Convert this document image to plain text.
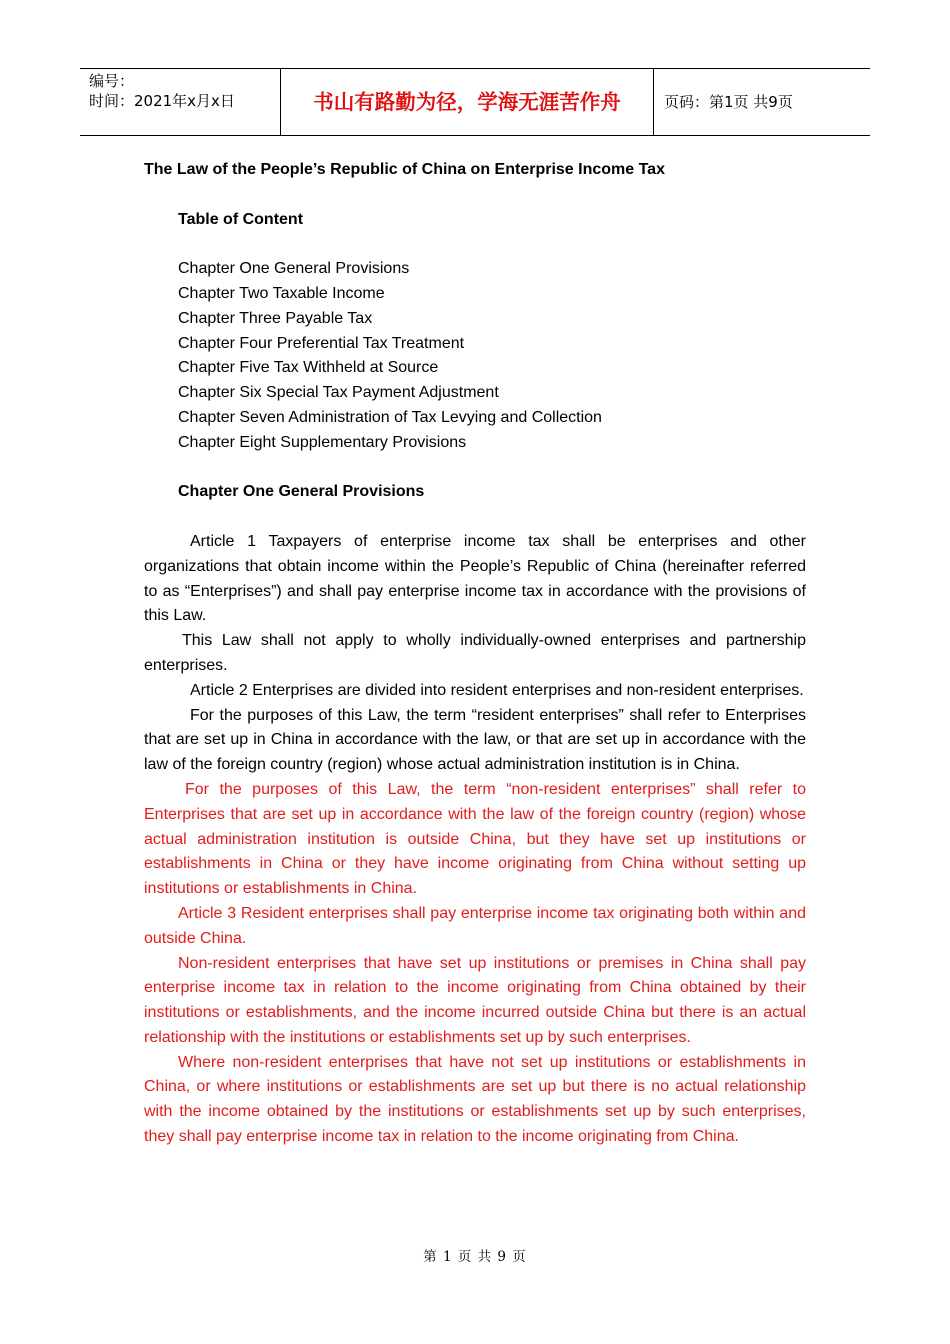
编号：
时间：2021年x月x日	书山有路勤为径，学海无涯苦作舟	页码：第1页 共9页

The Law of the People’s Republic of China on Enterprise Income Tax

Table of Content

Chapter One General Provisions
Chapter Two Taxable Income
Chapter Three Payable Tax
Chapter Four Preferential Tax Treatment
Chapter Five Tax Withheld at Source
Chapter Six Special Tax Payment Adjustment
Chapter Seven Administration of Tax Levying and Collection
Chapter Eight Supplementary Provisions

Chapter One General Provisions

Article 1 Taxpayers of enterprise income tax shall be enterprises and other organizations that obtain income within the People’s Republic of China (hereinafter referred to as “Enterprises”) and shall pay enterprise income tax in accordance with the provisions of this Law.

This Law shall not apply to wholly individually-owned enterprises and partnership enterprises.

Article 2 Enterprises are divided into resident enterprises and non-resident enterprises.

For the purposes of this Law, the term “resident enterprises” shall refer to Enterprises that are set up in China in accordance with the law, or that are set up in accordance with the law of the foreign country (region) whose actual administration institution is in China.

For the purposes of this Law, the term “non-resident enterprises” shall refer to Enterprises that are set up in accordance with the law of the foreign country (region) whose actual administration institution is outside China, but they have set up institutions or establishments in China or they have income originating from China without setting up institutions or establishments in China.

Article 3 Resident enterprises shall pay enterprise income tax originating both within and outside China.

Non-resident enterprises that have set up institutions or premises in China shall pay enterprise income tax in relation to the income originating from China obtained by their institutions or establishments, and the income incurred outside China but there is an actual relationship with the institutions or establishments set up by such enterprises.

Where non-resident enterprises that have not set up institutions or establishments in China, or where institutions or establishments are set up but there is no actual relationship with the income obtained by the institutions or establishments set up by such enterprises, they shall pay enterprise income tax in relation to the income originating from China.

第 1 页 共 9 页
